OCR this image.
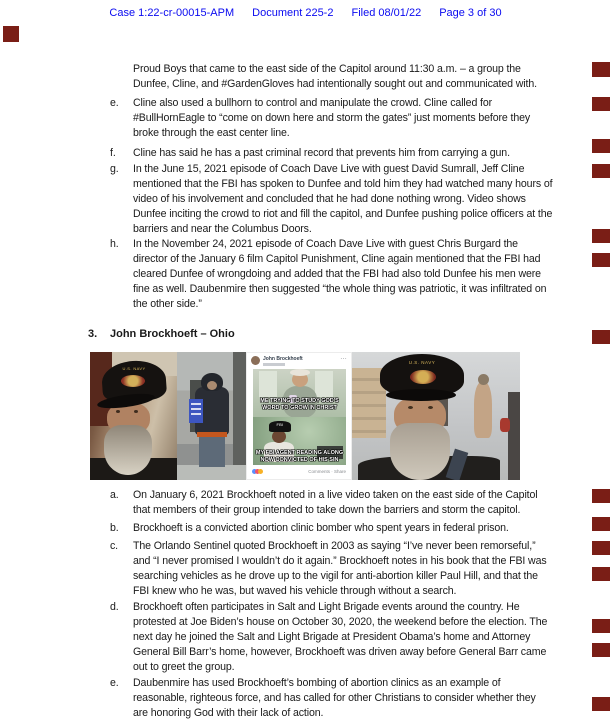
Case 1:22-cr-00015-APM Document 225-2 Filed 08/01/22 Page 3 of 30
Proud Boys that came to the east side of the Capitol around 11:30 a.m. – a group the Dunfee, Cline, and #GardenGloves had intentionally sought out and communicated with.
e.	Cline also used a bullhorn to control and manipulate the crowd. Cline called for #BullHornEagle to “come on down here and storm the gates” just moments before they broke through the east center line.
f.	Cline has said he has a past criminal record that prevents him from carrying a gun.
g.	In the June 15, 2021 episode of Coach Dave Live with guest David Sumrall, Jeff Cline mentioned that the FBI has spoken to Dunfee and told him they had watched many hours of video of his involvement and concluded that he had done nothing wrong. Video shows Dunfee inciting the crowd to riot and fill the capitol, and Dunfee pushing police officers at the barriers and near the Columbus Doors.
h.	In the November 24, 2021 episode of Coach Dave Live with guest Chris Burgard the director of the January 6 film Capitol Punishment, Cline again mentioned that the FBI had cleared Dunfee of wrongdoing and added that the FBI had also told Dunfee his men were fine as well. Daubenmire then suggested “the whole thing was patriotic, it was infiltrated on the other side.”
3.	John Brockhoeft – Ohio
U.S. NAVY
John Brockhoeft	…
FBI
ME TRYING TO STUDY GOD'S WORD TO GROW IN CHRIST
MY FBI AGENT READING ALONG NOW CONVICTED OF HIS SIN
Comments · Share
U.S. NAVY
a.	On January 6, 2021 Brockhoeft noted in a live video taken on the east side of the Capitol that members of their group intended to take down the barriers and storm the capitol.
b.	Brockhoeft is a convicted abortion clinic bomber who spent years in federal prison.
c.	The Orlando Sentinel quoted Brockhoeft in 2003 as saying “I’ve never been remorseful,” and “I never promised I wouldn’t do it again.” Brockhoeft notes in his book that the FBI was searching vehicles as he drove up to the vigil for anti-abortion killer Paul Hill, and that the FBI knew who he was, but waved his vehicle through without a search.
d.	Brockhoeft often participates in Salt and Light Brigade events around the country. He protested at Joe Biden’s house on October 30, 2020, the weekend before the election. The next day he joined the Salt and Light Brigade at President Obama’s home and Attorney General Bill Barr’s home, however, Brockhoeft was driven away before General Barr came out to greet the group.
e.	Daubenmire has used Brockhoeft’s bombing of abortion clinics as an example of reasonable, righteous force, and has called for other Christians to consider whether they are honoring God with their lack of action.
